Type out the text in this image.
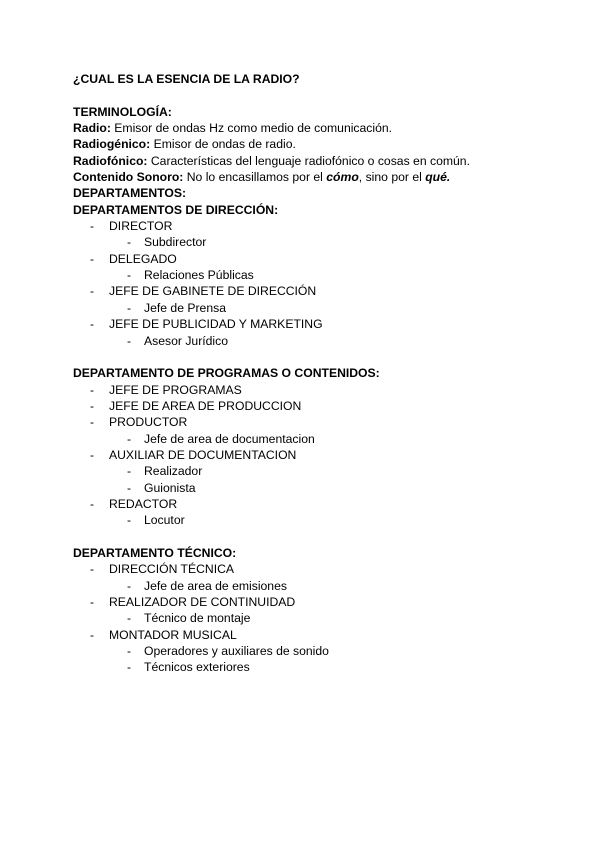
¿CUAL ES LA ESENCIA DE LA RADIO?
TERMINOLOGÍA:
Radio: Emisor de ondas Hz como medio de comunicación.
Radiogénico: Emisor de ondas de radio.
Radiofónico: Características del lenguaje radiofónico o cosas en común.
Contenido Sonoro: No lo encasillamos por el cómo, sino por el qué.
DEPARTAMENTOS:
DEPARTAMENTOS DE DIRECCIÓN:
- DIRECTOR
- Subdirector
- DELEGADO
- Relaciones Públicas
- JEFE DE GABINETE DE DIRECCIÓN
- Jefe de Prensa
- JEFE DE PUBLICIDAD Y MARKETING
- Asesor Jurídico
DEPARTAMENTO DE PROGRAMAS O CONTENIDOS:
- JEFE DE PROGRAMAS
- JEFE DE AREA DE PRODUCCION
- PRODUCTOR
- Jefe de area de documentacion
- AUXILIAR DE DOCUMENTACION
- Realizador
- Guionista
- REDACTOR
- Locutor
DEPARTAMENTO TÉCNICO:
- DIRECCIÓN TÉCNICA
- Jefe de area de emisiones
- REALIZADOR DE CONTINUIDAD
- Técnico de montaje
- MONTADOR MUSICAL
- Operadores y auxiliares de sonido
- Técnicos exteriores
